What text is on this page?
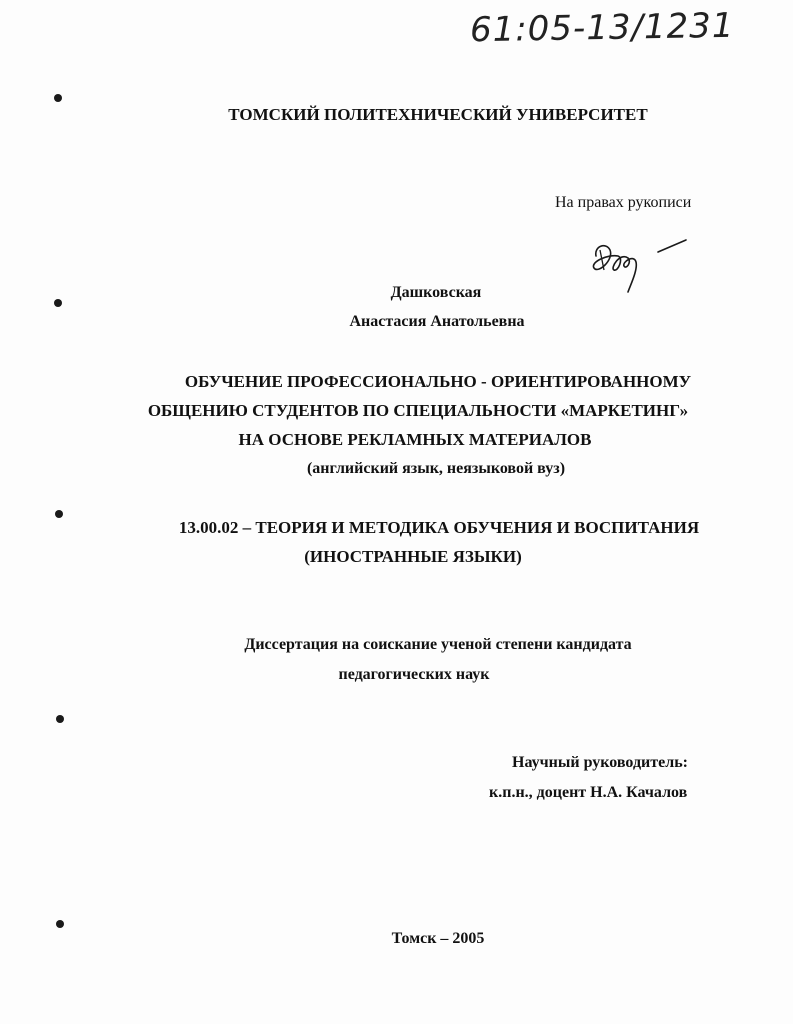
61:05-13/1231
ТОМСКИЙ ПОЛИТЕХНИЧЕСКИЙ УНИВЕРСИТЕТ
На правах рукописи
Дашковская
Анастасия Анатольевна
ОБУЧЕНИЕ ПРОФЕССИОНАЛЬНО - ОРИЕНТИРОВАННОМУ
ОБЩЕНИЮ СТУДЕНТОВ ПО СПЕЦИАЛЬНОСТИ «МАРКЕТИНГ»
НА ОСНОВЕ РЕКЛАМНЫХ МАТЕРИАЛОВ
(английский язык, неязыковой вуз)
13.00.02 – ТЕОРИЯ И МЕТОДИКА ОБУЧЕНИЯ И ВОСПИТАНИЯ
(ИНОСТРАННЫЕ ЯЗЫКИ)
Диссертация на соискание ученой степени кандидата
педагогических наук
Научный руководитель:
к.п.н., доцент Н.А. Качалов
Томск – 2005
